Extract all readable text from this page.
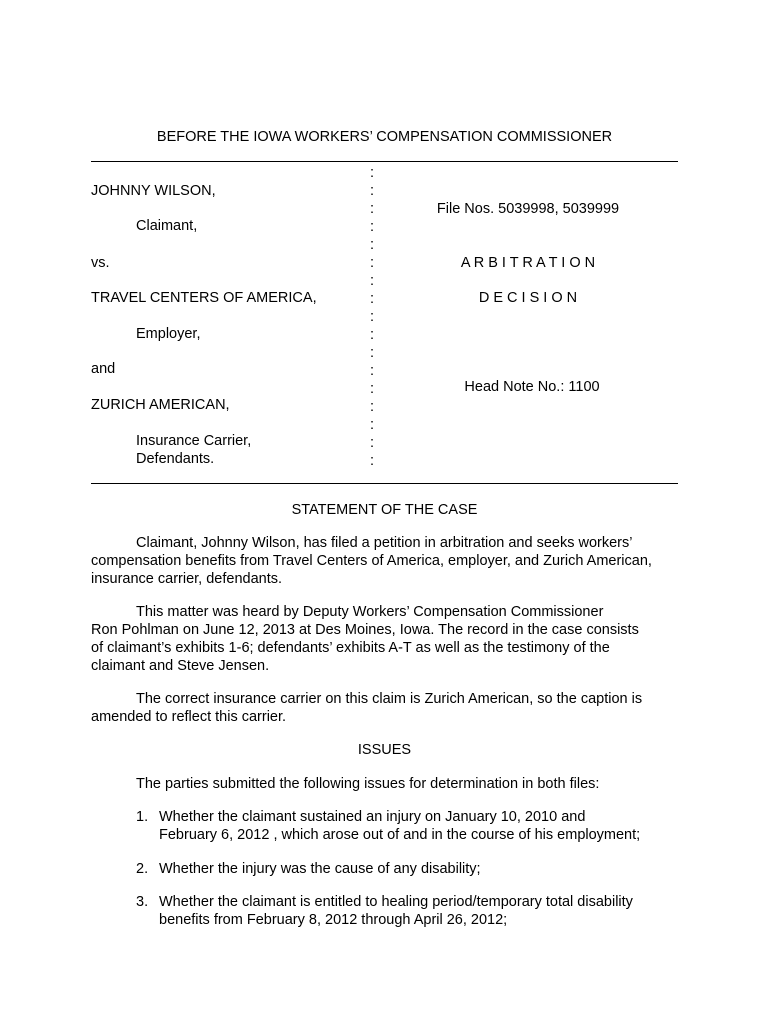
BEFORE THE IOWA WORKERS’ COMPENSATION COMMISSIONER
JOHNNY WILSON,
Claimant,
vs.
TRAVEL CENTERS OF AMERICA,
Employer,
and
ZURICH AMERICAN,
Insurance Carrier,
Defendants.
:
:
:
:
:
:
:
:
:
:
:
:
:
:
:
:
:
File Nos. 5039998, 5039999
A R B I T R A T I O N
D E C I S I O N
Head Note No.: 1100
STATEMENT OF THE CASE
Claimant, Johnny Wilson, has filed a petition in arbitration and seeks workers’
compensation benefits from Travel Centers of America, employer, and Zurich American,
insurance carrier, defendants.
This matter was heard by Deputy Workers’ Compensation Commissioner
Ron Pohlman on June 12, 2013 at Des Moines, Iowa. The record in the case consists
of claimant’s exhibits 1-6; defendants’ exhibits A-T as well as the testimony of the
claimant and Steve Jensen.
The correct insurance carrier on this claim is Zurich American, so the caption is
amended to reflect this carrier.
ISSUES
The parties submitted the following issues for determination in both files:
1. Whether the claimant sustained an injury on January 10, 2010 and
February 6, 2012 , which arose out of and in the course of his employment;
2. Whether the injury was the cause of any disability;
3. Whether the claimant is entitled to healing period/temporary total disability
benefits from February 8, 2012 through April 26, 2012;
